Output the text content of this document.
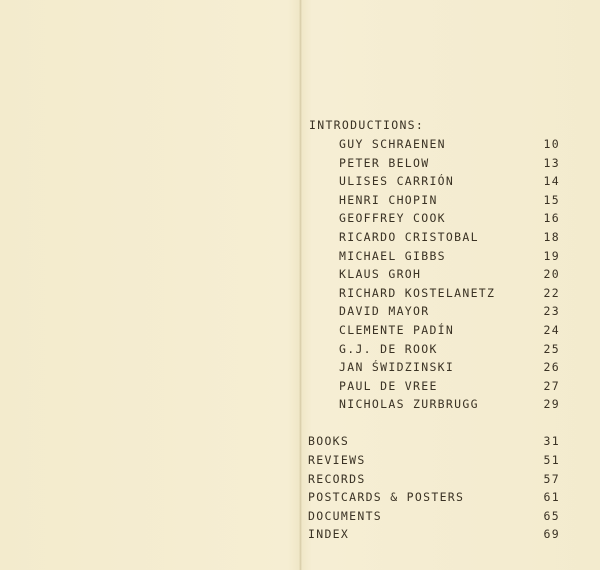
INTRODUCTIONS:
GUY SCHRAENEN	10
PETER BELOW	13
ULISES CARRIÓN	14
HENRI CHOPIN	15
GEOFFREY COOK	16
RICARDO CRISTOBAL	18
MICHAEL GIBBS	19
KLAUS GROH	20
RICHARD KOSTELANETZ	22
DAVID MAYOR	23
CLEMENTE PADÍN	24
G.J. DE ROOK	25
JAN ŚWIDZINSKI	26
PAUL DE VREE	27
NICHOLAS ZURBRUGG	29
BOOKS	31
REVIEWS	51
RECORDS	57
POSTCARDS & POSTERS	61
DOCUMENTS	65
INDEX	69
